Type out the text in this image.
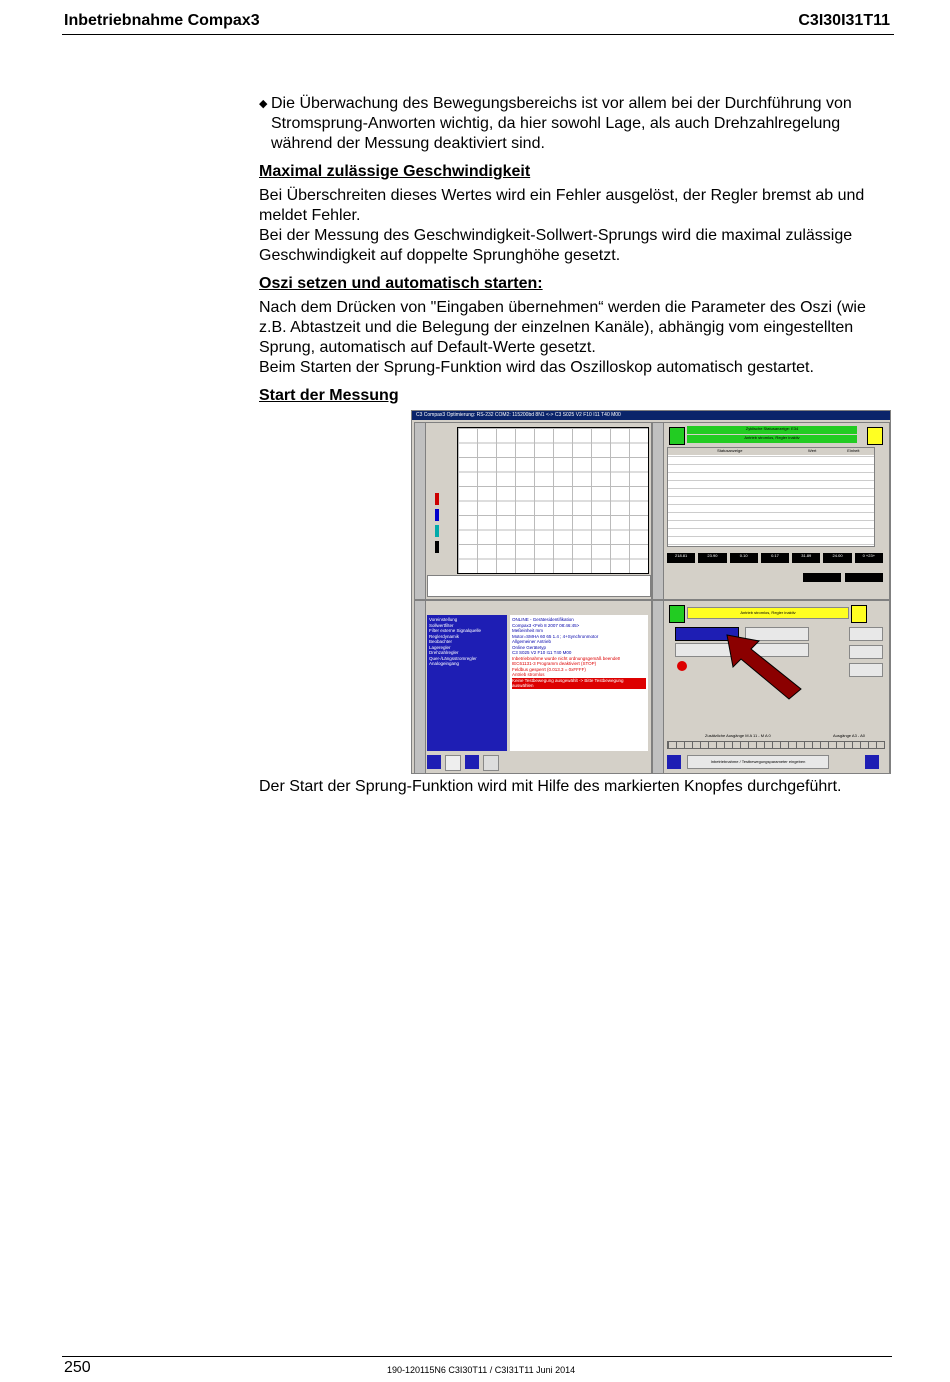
Inbetriebnahme Compax3	C3I30I31T11
◆ Die Überwachung des Bewegungsbereichs ist vor allem bei der Durchführung von Stromsprung-Anworten wichtig, da hier sowohl Lage, als auch Drehzahlregelung während der Messung deaktiviert sind.
Maximal zulässige Geschwindigkeit

Bei Überschreiten dieses Wertes wird ein Fehler ausgelöst, der Regler bremst ab und meldet Fehler.
Bei der Messung des Geschwindigkeit-Sollwert-Sprungs wird die maximal zulässige Geschwindigkeit auf doppelte Sprunghöhe gesetzt.

Oszi setzen und automatisch starten:

Nach dem Drücken von "Eingaben übernehmen“ werden die Parameter des Oszi (wie z.B. Abtastzeit und die Belegung der einzelnen Kanäle), abhängig vom eingestellten Sprung, automatisch auf Default-Werte gesetzt.
Beim Starten der Sprung-Funktion wird das Oszilloskop automatisch gestartet.

Start der Messung
C3 Compax3 Optimierung: RS-232 COM2: 115200bd 8N1 <-> C3 S025 V2 F10 I11 T40 M00
Zyklische Statusanzeige: E34
Antrieb stromlos, Regler inaktiv
Statusanzeige	Wert	Einheit
218.81	23.90	0.10	0.17	31.89	24.00	0 +23+
Voreinstellung
Sollwertfilter
Filter externe Signalquelle
Reglerdynamik
Beobachter
Lageregler
Drehzahlregler
Quer-/Längsstromregler
Analogeingang
ONLINE - Gerätesidentifikation
Compax3 <Feb 8 2007 08:46:45>
Meßeinheit mm
Motor=SMHA 60 65 1.4 ; 4+Synchronmotor
Allgemeiner Antrieb
Online Gerätetyp
C3 S025 V2 F10 I11 T40 M00
Inbetriebnahme wurde nicht ordnungsgemäß beendet!
IEC61131-3 Programm deaktiviert (STOP)
Feldbus gesperrt (0.013.3 = 0xFFFF)
Antrieb stromlos
Keine Testbewegung ausgewählt -> Bitte Testbewegung auswählen
Antrieb stromlos, Regler inaktiv
Zusätzliche Ausgänge M A 11 - M A 0	Ausgänge A3 - A0
Inbetriebnahme / Testbewegungsparameter eingeben
Der Start der Sprung-Funktion wird mit Hilfe des markierten Knopfes durchgeführt.
250	190-120115N6 C3I30T11 / C3I31T11 Juni 2014
